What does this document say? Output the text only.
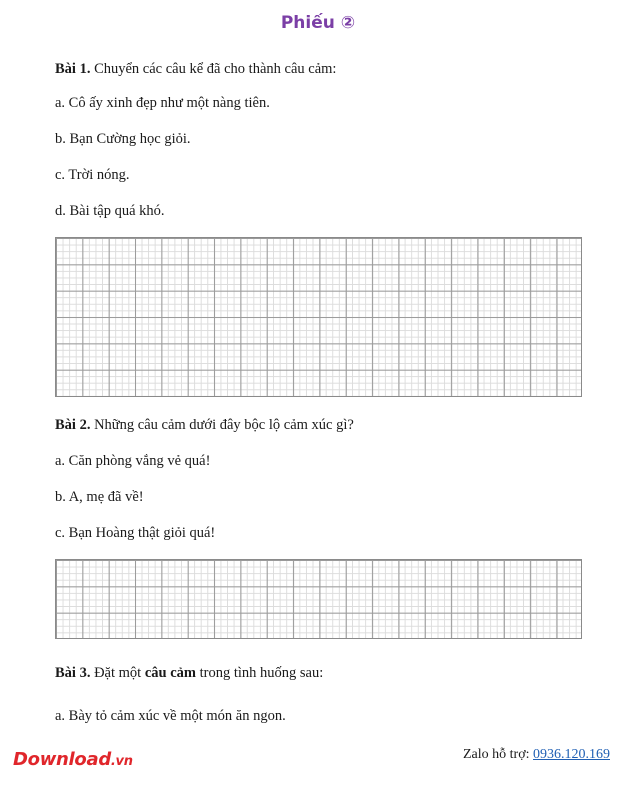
Phiếu ②
Bài 1. Chuyển các câu kể đã cho thành câu cảm:
a. Cô ấy xinh đẹp như một nàng tiên.
b. Bạn Cường học giỏi.
c. Trời nóng.
d. Bài tập quá khó.
Bài 2. Những câu cảm dưới đây bộc lộ cảm xúc gì?
a. Căn phòng vắng vẻ quá!
b. A, mẹ đã về!
c. Bạn Hoàng thật giỏi quá!
Bài 3. Đặt một câu cảm trong tình huống sau:
a. Bày tỏ cảm xúc về một món ăn ngon.
Download.vn	Zalo hỗ trợ: 0936.120.169
